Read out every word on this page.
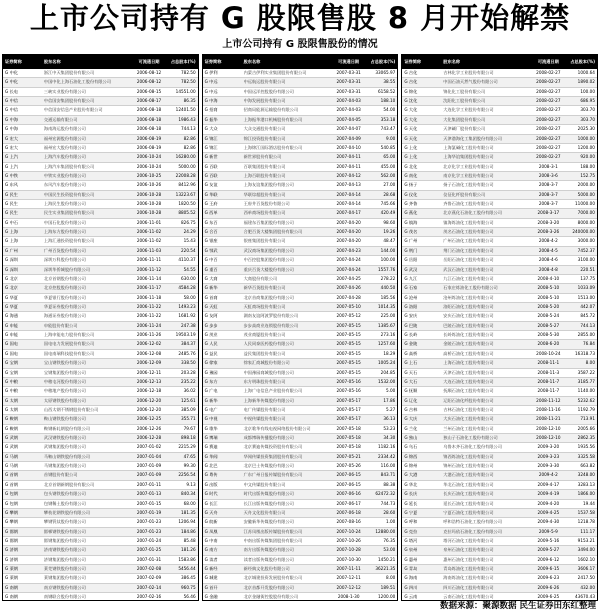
上市公司持有 G 股限售股 8 月开始解禁
上市公司持有 G 股限售股份的情况
证券简称	股东名称	可流通日期	占总股本(%)
G 中化	浙江中天集团股份有限公司	2006-08-12	782.50
G 中化	中国中化上海石油化工股份有限公司	2006-08-12	782.50
G 长电	三峡实业股份有限公司	2006-08-15	14551.00
G 中信	中信国安集团股份有限公司	2006-08-17	86.35
G 中信	中信国安信息产业股份有限公司	2006-08-18	12401.50
G 中海	交通运输有限公司	2006-08-18	1986.43
G 中海	海南海运股份有限公司	2006-08-18	744.13
G 宏大	福州宏源股份有限公司	2006-08-19	82.86
G 宏大	福州宏大股份有限公司	2006-08-19	82.86
G 上汽	上海汽车股份有限公司	2006-10-24	16280.00
G 上汽	上海汽车集团股份有限公司	2006-10-24	5000.00
G 中铁	中铁实业股份有限公司	2006-10-25	22008.28
G 东风	东风汽车股份有限公司	2006-10-26	8412.96
G 民生	中国民生投资股份有限公司	2006-10-28	13223.67
G 民生	上海民生股份有限公司	2006-10-28	1820.50
G 民生	民生实业集团股份有限公司	2006-10-28	8805.52
G 中石	中国石化股份有限公司	2006-11-01	826.75
G 上海	上海东方股份有限公司	2006-11-02	24.29
G 上海	上海汇通投资股份有限公司	2006-11-02	15.43
G 广州	广州百货股份有限公司	2006-11-03	220.54
G 深圳	深圳万科股份有限公司	2006-11-11	4110.37
G 深圳	深圳华侨城股份有限公司	2006-11-12	54.55
G 北京	北京首钢股份有限公司	2006-11-14	630.00
G 北京	北京控股股份有限公司	2006-11-17	4584.28
G 华夏	华夏银行股份有限公司	2006-11-18	58.00
G 华夏	华夏证券股份有限公司	2006-11-22	1493.23
G 海通	海通证券股份有限公司	2006-11-22	1681.92
G 申能	申能股份有限公司	2006-11-24	247.38
G 申能	上海申能电力股份有限公司	2006-11-26	19503.19
G 国电	国电电力发展股份有限公司	2006-12-02	384.37
G 国电	国电南瑞科技股份有限公司	2006-12-08	2485.76
G 宝钢	宝山钢铁股份有限公司	2006-12-09	338.50
G 宝钢	宝钢集团股份有限公司	2006-12-11	203.28
G 中粮	中粮屯河股份有限公司	2006-12-13	235.22
G 中粮	中粮地产股份有限公司	2006-12-18	36.02
G 太钢	太原钢铁股份有限公司	2006-12-20	125.61
G 太钢	山西太钢不锈钢股份有限公司	2006-12-20	385.09
G 鞍钢	鞍山钢铁股份有限公司	2006-12-25	355.71
G 鞍钢	鞍钢新轧钢股份有限公司	2006-12-26	79.67
G 武钢	武汉钢铁股份有限公司	2006-12-28	898.18
G 武钢	武钢集团股份有限公司	2007-01-02	2215.29
G 马钢	马鞍山钢铁股份有限公司	2007-01-04	47.65
G 马钢	马钢集团股份有限公司	2007-01-09	99.30
G 首钢	首钢股份有限公司	2007-01-09	2256.54
G 首钢	北京首钢新钢股份有限公司	2007-01-11	9.13
G 包钢	包头钢铁股份有限公司	2007-01-13	840.34
G 包钢	包钢稀土股份有限公司	2007-01-15	68.00
G 攀钢	攀枝花钢铁股份有限公司	2007-01-19	181.35
G 攀钢	攀钢钒钛股份有限公司	2007-01-23	1206.94
G 邯钢	邯郸钢铁股份有限公司	2007-01-23	184.86
G 邯钢	邯钢集团股份有限公司	2007-01-24	85.48
G 济钢	济南钢铁股份有限公司	2007-01-25	181.26
G 济钢	济钢集团股份有限公司	2007-01-31	1583.86
G 莱钢	莱芜钢铁股份有限公司	2007-02-08	5456.44
G 莱钢	莱钢集团股份有限公司	2007-02-09	386.45
G 南钢	南京钢铁股份有限公司	2007-02-14	960.75
G 南钢	南钢联合股份有限公司	2007-02-16	56.46
证券简称	股东名称	可流通日期	占总股本(%)
G 伊利	内蒙古伊利实业集团股份有限公司	2007-03-31	33065.97
G 中远	中远航运股份有限公司	2007-03-31	38.55
G 中远	中国远洋控股股份有限公司	2007-03-31	6158.52
G 中海	中海发展股份有限公司	2007-04-03	188.10
G 招商	招商局能源运输股份有限公司	2007-04-03	54.00
G 振华	上海振华港口机械股份有限公司	2007-04-05	353.18
G 大众	大众交通股份有限公司	2007-04-07	743.47
G 锦江	锦江投资股份有限公司	2007-04-09	9.00
G 锦江	上海锦江国际酒店股份有限公司	2007-04-10	540.85
G 新世	新世界股份有限公司	2007-04-11	65.00
G 百联	百联集团股份有限公司	2007-04-11	455.00
G 百联	上海百联股份有限公司	2007-04-12	562.00
G 友谊	上海友谊集团股份有限公司	2007-04-13	27.00
G 华联	华联综超股份有限公司	2007-04-14	28.68
G 王府	王府井百货股份有限公司	2007-04-14	745.66
G 西单	西单商场股份有限公司	2007-04-17	420.49
G 东百	福建东百集团股份有限公司	2007-04-20	98.60
G 合百	合肥百货大楼集团股份有限公司	2007-04-20	19.26
G 银座	银座集团股份有限公司	2007-04-20	48.47
G 鄂武	武汉商场集团股份有限公司	2007-04-23	144.00
G 中百	中百控股集团股份有限公司	2007-04-24	100.00
G 重百	重庆百货大楼股份有限公司	2007-04-24	1557.76
G 大商	大商股份有限公司	2007-04-25	278.22
G 新华	新华百货股份有限公司	2007-04-26	440.50
G 首商	北京首商集团股份有限公司	2007-04-28	185.56
G 天虹	天虹商场股份有限公司	2007-05-10	1014.35
G 友阿	湖南友谊阿波罗股份有限公司	2007-05-12	225.00
G 步步	步步高商业连锁股份有限公司	2007-05-15	1385.67
G 茂业	茂业商厦股份有限公司	2007-05-15	273.16
G 人民	人民同泰医药股份有限公司	2007-05-15	1257.60
G 益民	益民集团股份有限公司	2007-05-15	18.29
G 徐家	徐家汇商城股份有限公司	2007-05-15	1005.24
G 豫园	中国豫园商城股份有限公司	2007-05-15	204.85
G 东方	东方明珠股份有限公司	2007-05-16	1532.00
G 广电	上海广电信息产业股份有限公司	2007-05-16	5.00
G 新华	上海新华传媒股份有限公司	2007-05-17	17.86
G 电广	电广传媒股份有限公司	2007-05-17	5.27
G 中视	中视传媒股份有限公司	2007-05-17	36.13
G 歌华	北京歌华有线电视网络股份有限公司	2007-05-18	53.23
G 博瑞	成都博瑞传播股份有限公司	2007-05-18	34.30
G 赛迪	北京赛迪传媒投资股份有限公司	2007-05-18	1182.16
G 华闻	华闻传媒投资集团股份有限公司	2007-05-21	2334.42
G 北巴	北京巴士传媒股份有限公司	2007-05-26	116.00
G 粤传	广东广州日报传媒股份有限公司	2007-06-15	843.71
G 出版	中文传媒股份有限公司	2007-06-15	88.38
G 时代	时代出版传媒股份有限公司	2007-06-16	62472.32
G 长江	长江出版传媒股份有限公司	2007-06-17	744.73
G 天舟	天舟文化股份有限公司	2007-06-18	28.60
G 皖新	安徽新华传媒股份有限公司	2007-08-16	1.00
G 凤凰	江苏凤凰出版传媒股份有限公司	2007-10-24	12880.00
G 中南	中南出版传媒集团股份有限公司	2007-10-26	76.35
G 南方	南方出版传媒股份有限公司	2007-10-28	53.00
G 读者	读者出版传媒股份有限公司	2007-10-30	1450.21
G 新经	新经典文化股份有限公司	2007-11-11	36221.35
G 城建	北京城建投资发展股份有限公司	2007-12-11	8.00
G 首开	北京首都开发股份有限公司	2007-12-12	189.51
G 金融	北京金融街控股股份有限公司	2008-1-30	1200.00
证券简称	股东名称	可流通日期	占总股本(%)
G 吉化	吉林化学工业股份有限公司	2008-02-27	1000.64
G 吉化	中国石油天然气股份有限公司	2008-02-27	1890.02
G 锦化	锦化化工股份有限公司	2008-02-27	100.00
G 沈化	沈阳化工股份有限公司	2008-02-27	686.95
G 大化	大连化学工业股份有限公司	2008-02-27	303.70
G 大化	大化集团股份有限公司	2008-02-27	303.70
G 天化	天津碱厂股份有限公司	2008-02-27	2025.30
G 天化	天津渤海化工集团股份有限公司	2008-02-27	1000.00
G 上化	上海氯碱化工股份有限公司	2008-02-27	1200.00
G 上化	上海华谊集团股份有限公司	2008-02-27	920.00
G 北化	北京化学工业股份有限公司	2008-3-1	188.00
G 南化	南京化学工业股份有限公司	2008-3-6	152.75
G 扬子	扬子石油化工股份有限公司	2008-3-7	2000.00
G 仪化	仪征化纤股份有限公司	2008-3-7	5000.00
G 齐鲁	齐鲁石油化工股份有限公司	2008-3-7	11000.00
G 燕化	北京燕化石油化工股份有限公司	2008-3-17	7000.00
G 镇海	镇海炼油化工股份有限公司	2008-3-20	8000.00
G 茂名	茂名石油化工股份有限公司	2008-3-26	240000.00
G 广州	广州石油化工股份有限公司	2008-4-2	3000.00
G 荆门	荆门石油化工股份有限公司	2008-4-5	7452.37
G 岳阳	岳阳石油化工股份有限公司	2008-4-6	3100.00
G 武汉	武汉石油化工股份有限公司	2008-4-8	220.51
G 九江	九江石油化工股份有限公司	2008-4-10	137.75
G 石家	石家庄炼油化工股份有限公司	2008-5-10	1033.09
G 沧州	沧州炼油化工股份有限公司	2008-5-10	1513.00
G 洛阳	洛阳石油化工股份有限公司	2008-5-20	442.07
G 安庆	安庆石油化工股份有限公司	2008-5-24	845.72
G 巴陵	巴陵石油化工股份有限公司	2008-5-27	744.13
G 长岭	长岭炼油化工股份有限公司	2008-5-30	2855.00
G 金陵	金陵石油化工股份有限公司	2008-6-20	76.84
G 高桥	高桥石油化工股份有限公司	2008-10-24	16318.73
G 上石	上海石油化工股份有限公司	2008-11-1	8.00
G 天石	天津石油化工股份有限公司	2008-11-3	3587.22
G 大石	大连石油化工股份有限公司	2008-11-7	3185.77
G 抚顺	抚顺石油化工股份有限公司	2008-11-7	1140.00
G 辽化	辽阳石油化纤股份有限公司	2008-11-12	5232.62
G 吉林	吉林石油化工股份有限公司	2008-11-16	1192.79
G 大庆	大庆石油化工股份有限公司	2008-11-21	713.91
G 兰化	兰州石油化工股份有限公司	2008-12-10	2005.66
G 独山	独山子石油化工股份有限公司	2008-12-10	2862.35
G 乌石	乌鲁木齐石油化工股份有限公司	2009-3-20	1935.56
G 锦西	锦西炼油化工股份有限公司	2009-3-23	3325.58
G 锦州	锦州石油化工股份有限公司	2009-3-30	663.82
G 大港	大港石油化工股份有限公司	2009-4-2	3248.00
G 华北	华北石油化工股份有限公司	2009-4-17	3283.13
G 长庆	长庆石油化工股份有限公司	2009-4-19	1866.00
G 延长	延长石油化工股份有限公司	2009-4-20	19.44
G 宁夏	宁夏石油化工股份有限公司	2009-4-25	1537.58
G 呼和	呼和浩特石油化工股份有限公司	2009-4-30	1218.78
G 克拉	克拉玛依石油化工股份有限公司	2009-5-9	111.17
G 塔河	塔河石油化工股份有限公司	2009-5-16	9153.21
G 泉州	泉州石油化工股份有限公司	2009-5-27	3494.00
G 惠州	惠州石油化工股份有限公司	2009-6-12	1602.10
G 青岛	青岛炼油化工股份有限公司	2009-6-15	3606.17
G 海南	海南炼油化工股份有限公司	2009-6-23	2417.50
G 四川	四川石油化工股份有限公司	2009-6-26	432.00
G 云南	云南石油化工股份有限公司	2009-6-25	43670.43
数据来源：聚源数据 民生证券田东红整理
